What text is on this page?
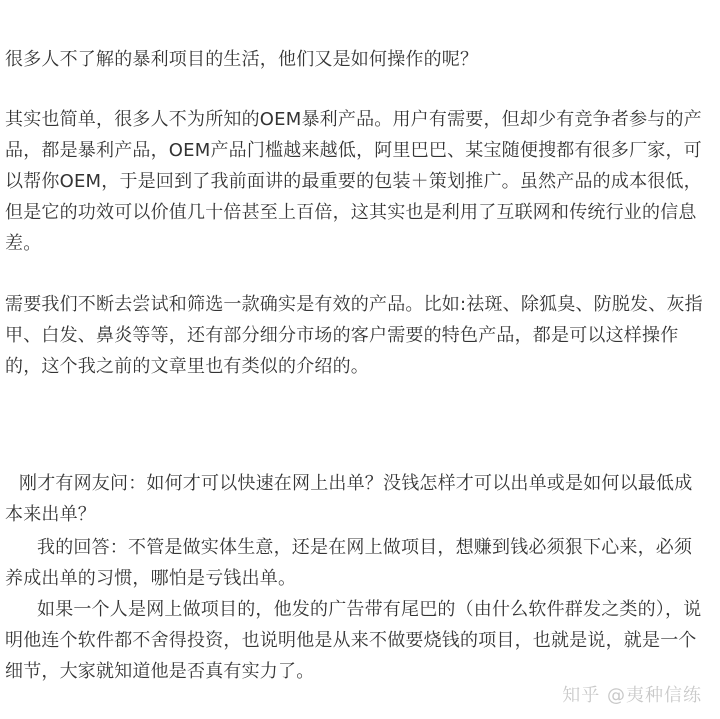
很多人不了解的暴利项目的生活，他们又是如何操作的呢？

其实也简单，很多人不为所知的OEM暴利产品。用户有需要，但却少有竞争者参与的产品，都是暴利产品，OEM产品门槛越来越低，阿里巴巴、某宝随便搜都有很多厂家，可以帮你OEM，于是回到了我前面讲的最重要的包装＋策划推广。虽然产品的成本很低，但是它的功效可以价值几十倍甚至上百倍，这其实也是利用了互联网和传统行业的信息差。

需要我们不断去尝试和筛选一款确实是有效的产品。比如:祛斑、除狐臭、防脱发、灰指甲、白发、鼻炎等等，还有部分细分市场的客户需要的特色产品，都是可以这样操作的，这个我之前的文章里也有类似的介绍的。

刚才有网友问：如何才可以快速在网上出单？没钱怎样才可以出单或是如何以最低成本来出单？

我的回答：不管是做实体生意，还是在网上做项目，想赚到钱必须狠下心来，必须养成出单的习惯，哪怕是亏钱出单。

如果一个人是网上做项目的，他发的广告带有尾巴的（由什么软件群发之类的），说明他连个软件都不舍得投资，也说明他是从来不做要烧钱的项目，也就是说，就是一个细节，大家就知道他是否真有实力了。

知乎 @夷种信练
